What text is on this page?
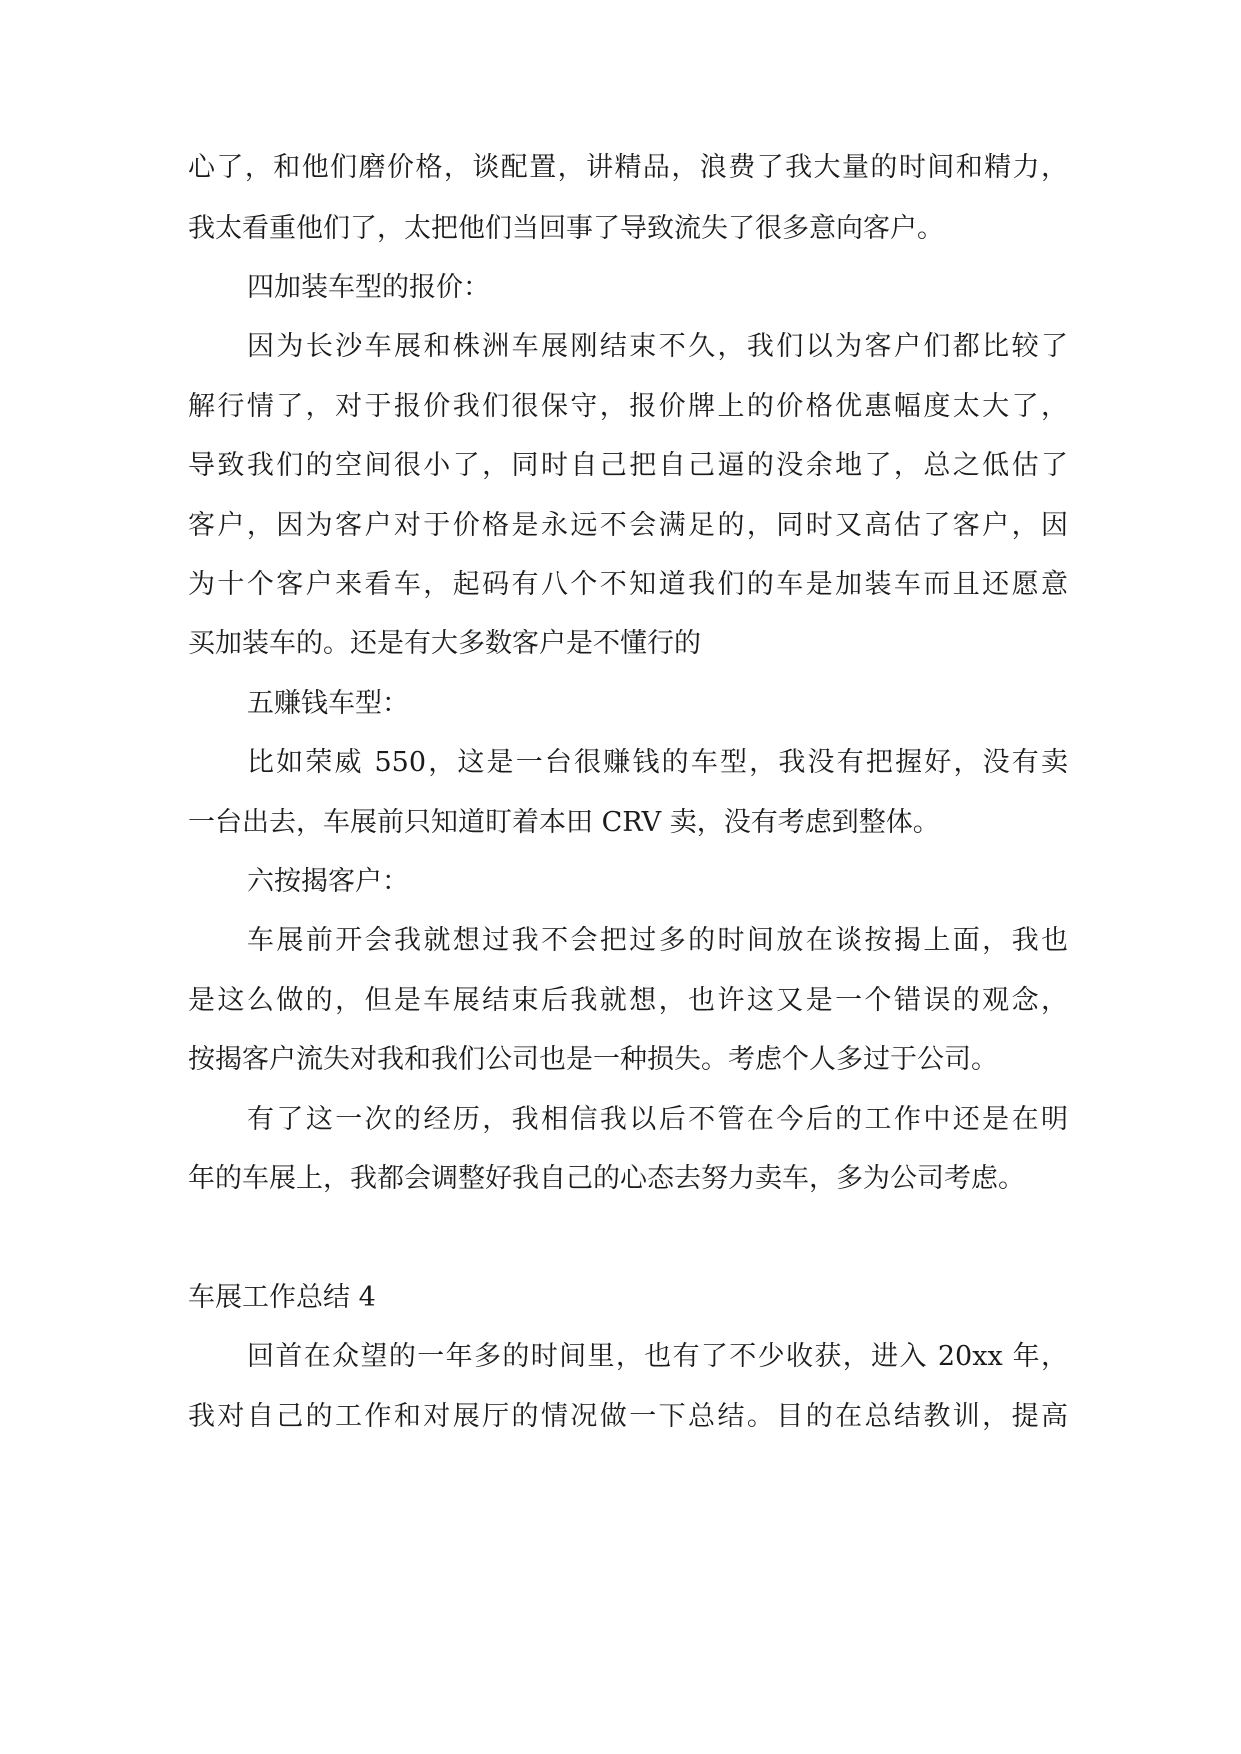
心了，和他们磨价格，谈配置，讲精品，浪费了我大量的时间和精力，
我太看重他们了，太把他们当回事了导致流失了很多意向客户。
四加装车型的报价：
因为长沙车展和株洲车展刚结束不久，我们以为客户们都比较了
解行情了，对于报价我们很保守，报价牌上的价格优惠幅度太大了，
导致我们的空间很小了，同时自己把自己逼的没余地了，总之低估了
客户，因为客户对于价格是永远不会满足的，同时又高估了客户，因
为十个客户来看车，起码有八个不知道我们的车是加装车而且还愿意
买加装车的。还是有大多数客户是不懂行的
五赚钱车型：
比如荣威 550，这是一台很赚钱的车型，我没有把握好，没有卖
一台出去，车展前只知道盯着本田 CRV 卖，没有考虑到整体。
六按揭客户：
车展前开会我就想过我不会把过多的时间放在谈按揭上面，我也
是这么做的，但是车展结束后我就想，也许这又是一个错误的观念，
按揭客户流失对我和我们公司也是一种损失。考虑个人多过于公司。
有了这一次的经历，我相信我以后不管在今后的工作中还是在明
年的车展上，我都会调整好我自己的心态去努力卖车，多为公司考虑。
车展工作总结 4
回首在众望的一年多的时间里，也有了不少收获，进入 20xx 年，
我对自己的工作和对展厅的情况做一下总结。目的在总结教训，提高
